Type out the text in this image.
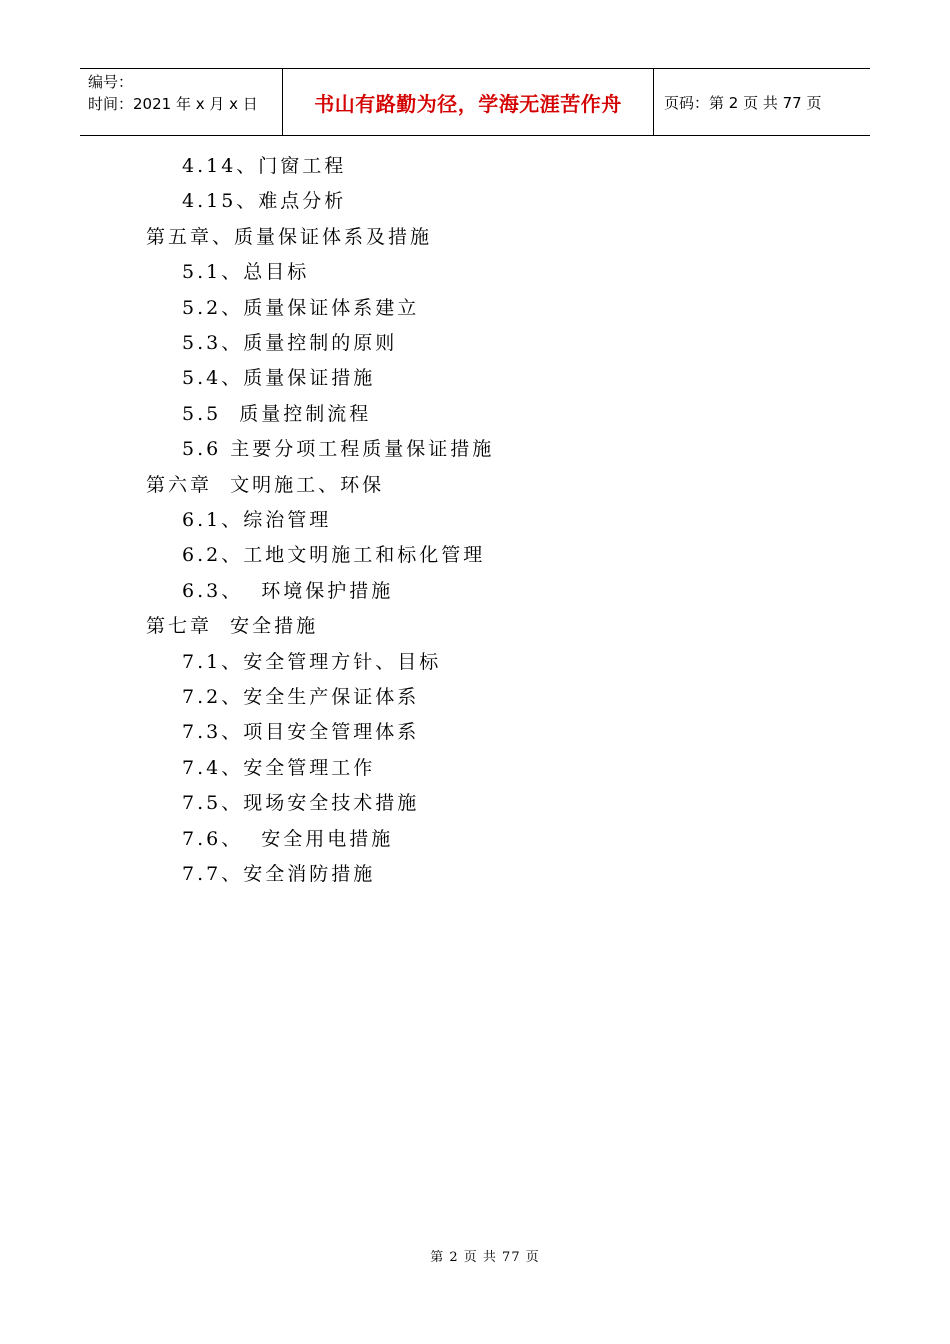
编号：
时间：2021 年 x 月 x 日	书山有路勤为径，学海无涯苦作舟	页码：第 2 页 共 77 页
4.14、门窗工程
4.15、难点分析
第五章、质量保证体系及措施
5.1、总目标
5.2、质量保证体系建立
5.3、质量控制的原则
5.4、质量保证措施
5.5  质量控制流程
5.6 主要分项工程质量保证措施
第六章  文明施工、环保
6.1、综治管理
6.2、工地文明施工和标化管理
6.3、  环境保护措施
第七章  安全措施
7.1、安全管理方针、目标
7.2、安全生产保证体系
7.3、项目安全管理体系
7.4、安全管理工作
7.5、现场安全技术措施
7.6、  安全用电措施
7.7、安全消防措施
第 2 页 共 77 页
